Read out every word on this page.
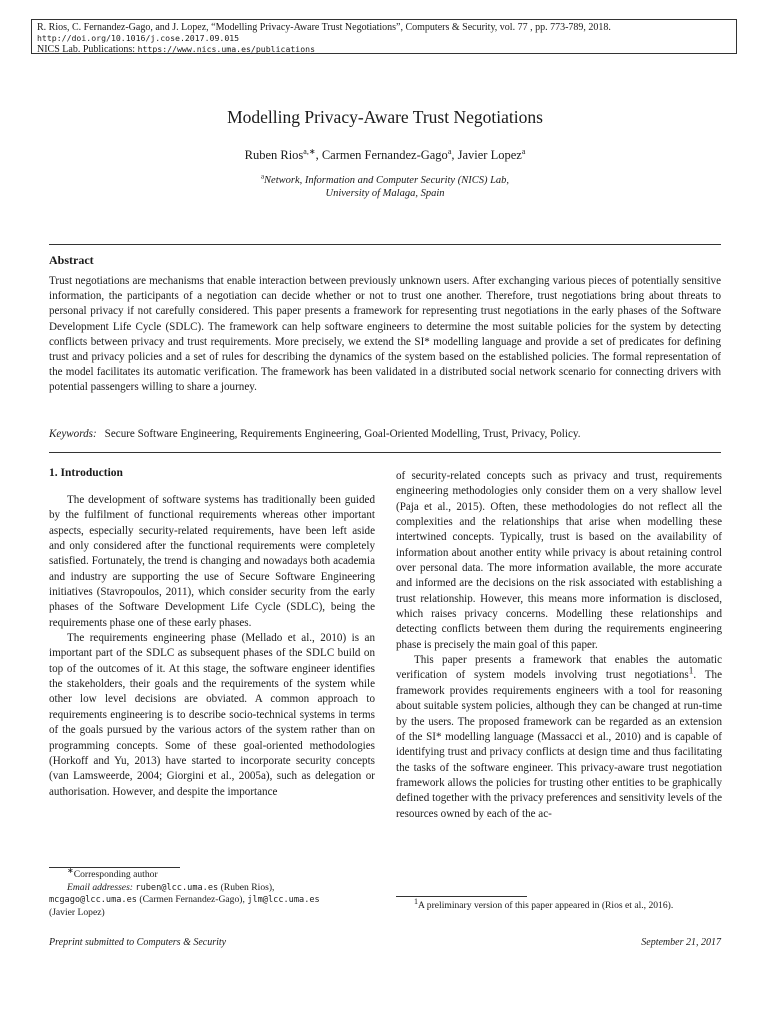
R. Rios, C. Fernandez-Gago, and J. Lopez, “Modelling Privacy-Aware Trust Negotiations”, Computers & Security, vol. 77 , pp. 773-789, 2018.
http://doi.org/10.1016/j.cose.2017.09.015
NICS Lab. Publications: https://www.nics.uma.es/publications
Modelling Privacy-Aware Trust Negotiations
Ruben Rios$^{a,∗}$, Carmen Fernandez-Gago$^a$, Javier Lopez$^a$
$^a$Network, Information and Computer Security (NICS) Lab,
University of Malaga, Spain
Abstract
Trust negotiations are mechanisms that enable interaction between previously unknown users. After exchanging various pieces of potentially sensitive information, the participants of a negotiation can decide whether or not to trust one another. Therefore, trust negotiations bring about threats to personal privacy if not carefully considered. This paper presents a framework for representing trust negotiations in the early phases of the Software Development Life Cycle (SDLC). The framework can help software engineers to determine the most suitable policies for the system by detecting conflicts between privacy and trust requirements. More precisely, we extend the SI* modelling language and provide a set of predicates for defining trust and privacy policies and a set of rules for describing the dynamics of the system based on the established policies. The formal representation of the model facilitates its automatic verification. The framework has been validated in a distributed social network scenario for connecting drivers with potential passengers willing to share a journey.
Keywords: Secure Software Engineering, Requirements Engineering, Goal-Oriented Modelling, Trust, Privacy, Policy.
1. Introduction

The development of software systems has traditionally been guided by the fulfilment of functional requirements whereas other important aspects, especially security-related requirements, have been left aside and only considered after the functional requirements were completely satisfied. Fortunately, the trend is changing and nowadays both academia and industry are supporting the use of Secure Software Engineering initiatives (Stavropoulos, 2011), which consider security from the early phases of the Software Development Life Cycle (SDLC), being the requirements phase one of these early phases.

The requirements engineering phase (Mellado et al., 2010) is an important part of the SDLC as subsequent phases of the SDLC build on top of the outcomes of it. At this stage, the software engineer identifies the stakeholders, their goals and the requirements of the system while other low level decisions are obviated. A common approach to requirements engineering is to describe socio-technical systems in terms of the goals pursued by the various actors of the system rather than on programming concepts. Some of these goal-oriented methodologies (Horkoff and Yu, 2013) have started to incorporate security concepts (van Lamsweerde, 2004; Giorgini et al., 2005a), such as delegation or authorisation. However, and despite the importance

of security-related concepts such as privacy and trust, requirements engineering methodologies only consider them on a very shallow level (Paja et al., 2015). Often, these methodologies do not reflect all the complexities and the relationships that arise when modelling these intertwined concepts. Typically, trust is based on the availability of information about another entity while privacy is about retaining control over personal data. The more information available, the more accurate and informed are the decisions on the risk associated with establishing a trust relationship. However, this means more information is disclosed, which raises privacy concerns. Modelling these relationships and detecting conflicts between them during the requirements engineering phase is precisely the main goal of this paper.

This paper presents a framework that enables the automatic verification of system models involving trust negotiations$^1$. The framework provides requirements engineers with a tool for reasoning about suitable system policies, although they can be changed at run-time by the users. The proposed framework can be regarded as an extension of the SI* modelling language (Massacci et al., 2010) and is capable of identifying trust and privacy conflicts at design time and thus facilitating the tasks of the software engineer. This privacy-aware trust negotiation framework allows the policies for trusting other entities to be graphically defined together with the privacy preferences and sensitivity levels of the resources owned by each of the ac-

∗Corresponding author
Email addresses: ruben@lcc.uma.es (Ruben Rios),
mcgago@lcc.uma.es (Carmen Fernandez-Gago), jlm@lcc.uma.es
(Javier Lopez)
$^1$A preliminary version of this paper appeared in (Rios et al., 2016).
Preprint submitted to Computers & Security	September 21, 2017
